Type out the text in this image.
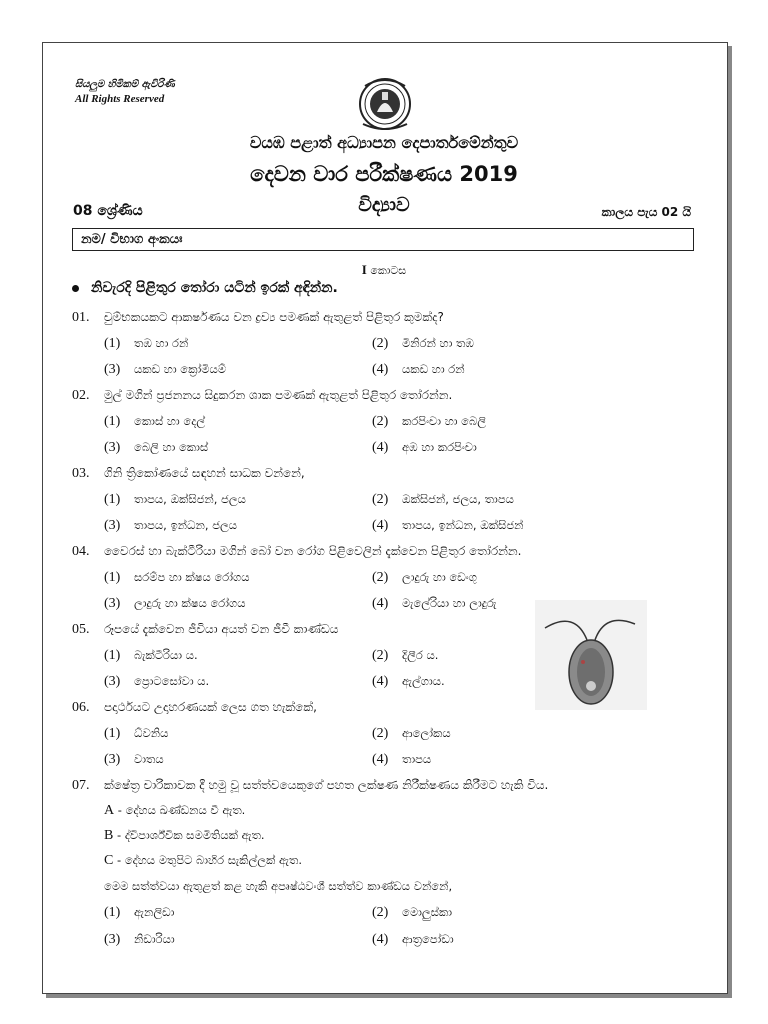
සියලුම හිමිකම් ඇවිරිණි
All Rights Reserved
වයඹ පළාත් අධ්‍යාපන දෙපාර්තමේන්තුව
දෙවන වාර පරීක්ෂණය 2019
08 ශ්‍රේණිය	විද්‍යාව	කාලය පැය 02 යි
නම/ විභාග අංකයඃ
I කොටස
නිවැරදි පිළිතුර තෝරා යටින් ඉරක් අඳින්න.
01. චුම්භකයකට ආකර්ෂණය වන ද්‍රව්‍ය පමණක් ඇතුළත් පිළිතුර කුමක්ද?
(1) තඹ හා රන්	(2) මිනිරන් හා තඹ
(3) යකඩ හා ක්‍රෝමියම්	(4) යකඩ හා රන්
02. මුල් මගින් ප්‍රජනනය සිදුකරන ශාක පමණක් ඇතුළත් පිළිතුර තෝරන්න.
(1) කොස් හා දෙල්	(2) කරපිංචා හා බෙලි
(3) බෙලි හා කොස්	(4) අඹ හා කරපිංචා
03. ගිනි ත්‍රිකෝණයේ සඳහන් සාධක වන්නේ,
(1) තාපය, ඔක්සිජන්, ජලය	(2) ඔක්සිජන්, ජලය, තාපය
(3) තාපය, ඉන්ධන, ජලය	(4) තාපය, ඉන්ධන, ඔක්සිජන්
04. වෛරස් හා බැක්ටීරියා මගින් බෝ වන රෝග පිළිවෙලින් දැක්වෙන පිළිතුර තෝරන්න.
(1) සරම්ප හා ක්ෂය රෝගය	(2) ලාදුරු හා ඩෙංගු
(3) ලාදුරු හා ක්ෂය රෝගය	(4) මැලේරියා හා ලාදුරු
05. රූපයේ දැක්වෙන ජීවියා අයත් වන ජීවී කාණ්ඩය
(1) බැක්ටීරියා ය.	(2) දිලීර ය.
(3) ප්‍රොටසෝවා ය.	(4) ඇල්ගාය.
06. පදාර්ථයට උදාහරණයක් ලෙස ගත හැක්කේ,
(1) ධ්වනිය	(2) ආලෝකය
(3) වාතය	(4) තාපය
07. ක්ෂේත්‍ර චාරිකාවක දී හමු වූ සත්ත්වයෙකුගේ පහත ලක්ෂණ නිරීක්ෂණය කිරීමට හැකි විය.
A - දේහය ඛණ්ඩනය වී ඇත.
B - ද්විපාර්ශ්වික සමමිතියක් ඇත.
C - දේහය මතුපිට බාහිර සැකිල්ලක් ඇත.
මෙම සත්ත්වයා ඇතුළත් කළ හැකි අපෘෂ්ඨවංශී සත්ත්ව කාණ්ඩය වන්නේ,
(1) ඇනලිඩා	(2) මොලුස්කා
(3) නිඩාරියා	(4) ආත්‍රපෝඩා
